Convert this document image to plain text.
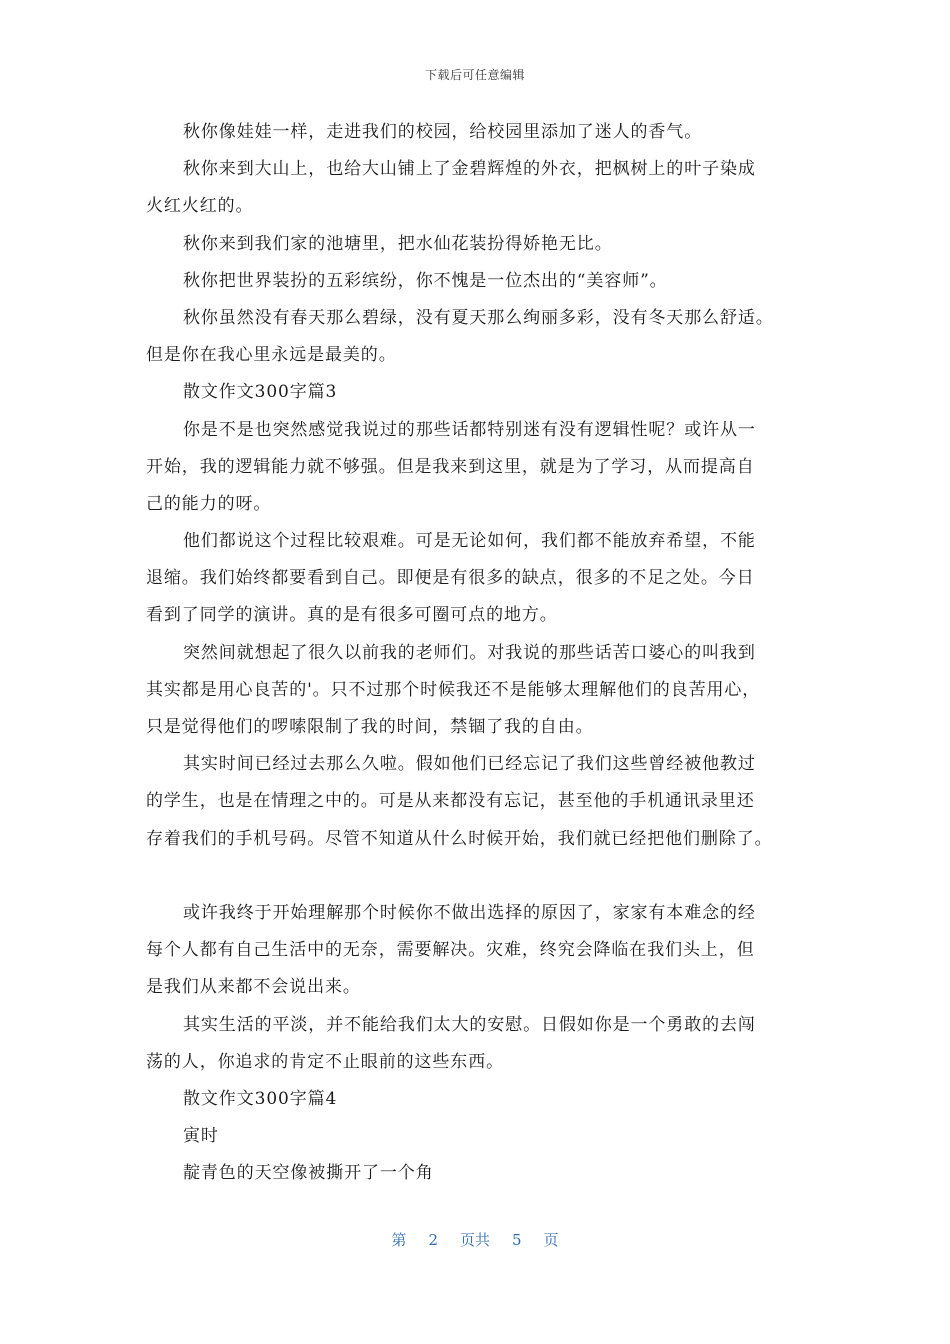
下载后可任意编辑
秋你像娃娃一样，走进我们的校园，给校园里添加了迷人的香气。
秋你来到大山上，也给大山铺上了金碧辉煌的外衣，把枫树上的叶子染成
火红火红的。
秋你来到我们家的池塘里，把水仙花装扮得娇艳无比。
秋你把世界装扮的五彩缤纷，你不愧是一位杰出的“美容师”。
秋你虽然没有春天那么碧绿，没有夏天那么绚丽多彩，没有冬天那么舒适。
但是你在我心里永远是最美的。
散文作文300字篇3
你是不是也突然感觉我说过的那些话都特别迷有没有逻辑性呢？或许从一
开始，我的逻辑能力就不够强。但是我来到这里，就是为了学习，从而提高自
己的能力的呀。
他们都说这个过程比较艰难。可是无论如何，我们都不能放弃希望，不能
退缩。我们始终都要看到自己。即便是有很多的缺点，很多的不足之处。今日
看到了同学的演讲。真的是有很多可圈可点的地方。
突然间就想起了很久以前我的老师们。对我说的那些话苦口婆心的叫我到
其实都是用心良苦的'。只不过那个时候我还不是能够太理解他们的良苦用心，
只是觉得他们的啰嗦限制了我的时间，禁锢了我的自由。
其实时间已经过去那么久啦。假如他们已经忘记了我们这些曾经被他教过
的学生，也是在情理之中的。可是从来都没有忘记，甚至他的手机通讯录里还
存着我们的手机号码。尽管不知道从什么时候开始，我们就已经把他们删除了。
或许我终于开始理解那个时候你不做出选择的原因了，家家有本难念的经
每个人都有自己生活中的无奈，需要解决。灾难，终究会降临在我们头上，但
是我们从来都不会说出来。
其实生活的平淡，并不能给我们太大的安慰。日假如你是一个勇敢的去闯
荡的人，你追求的肯定不止眼前的这些东西。
散文作文300字篇4
寅时
靛青色的天空像被撕开了一个角
第 2 页共 5 页
